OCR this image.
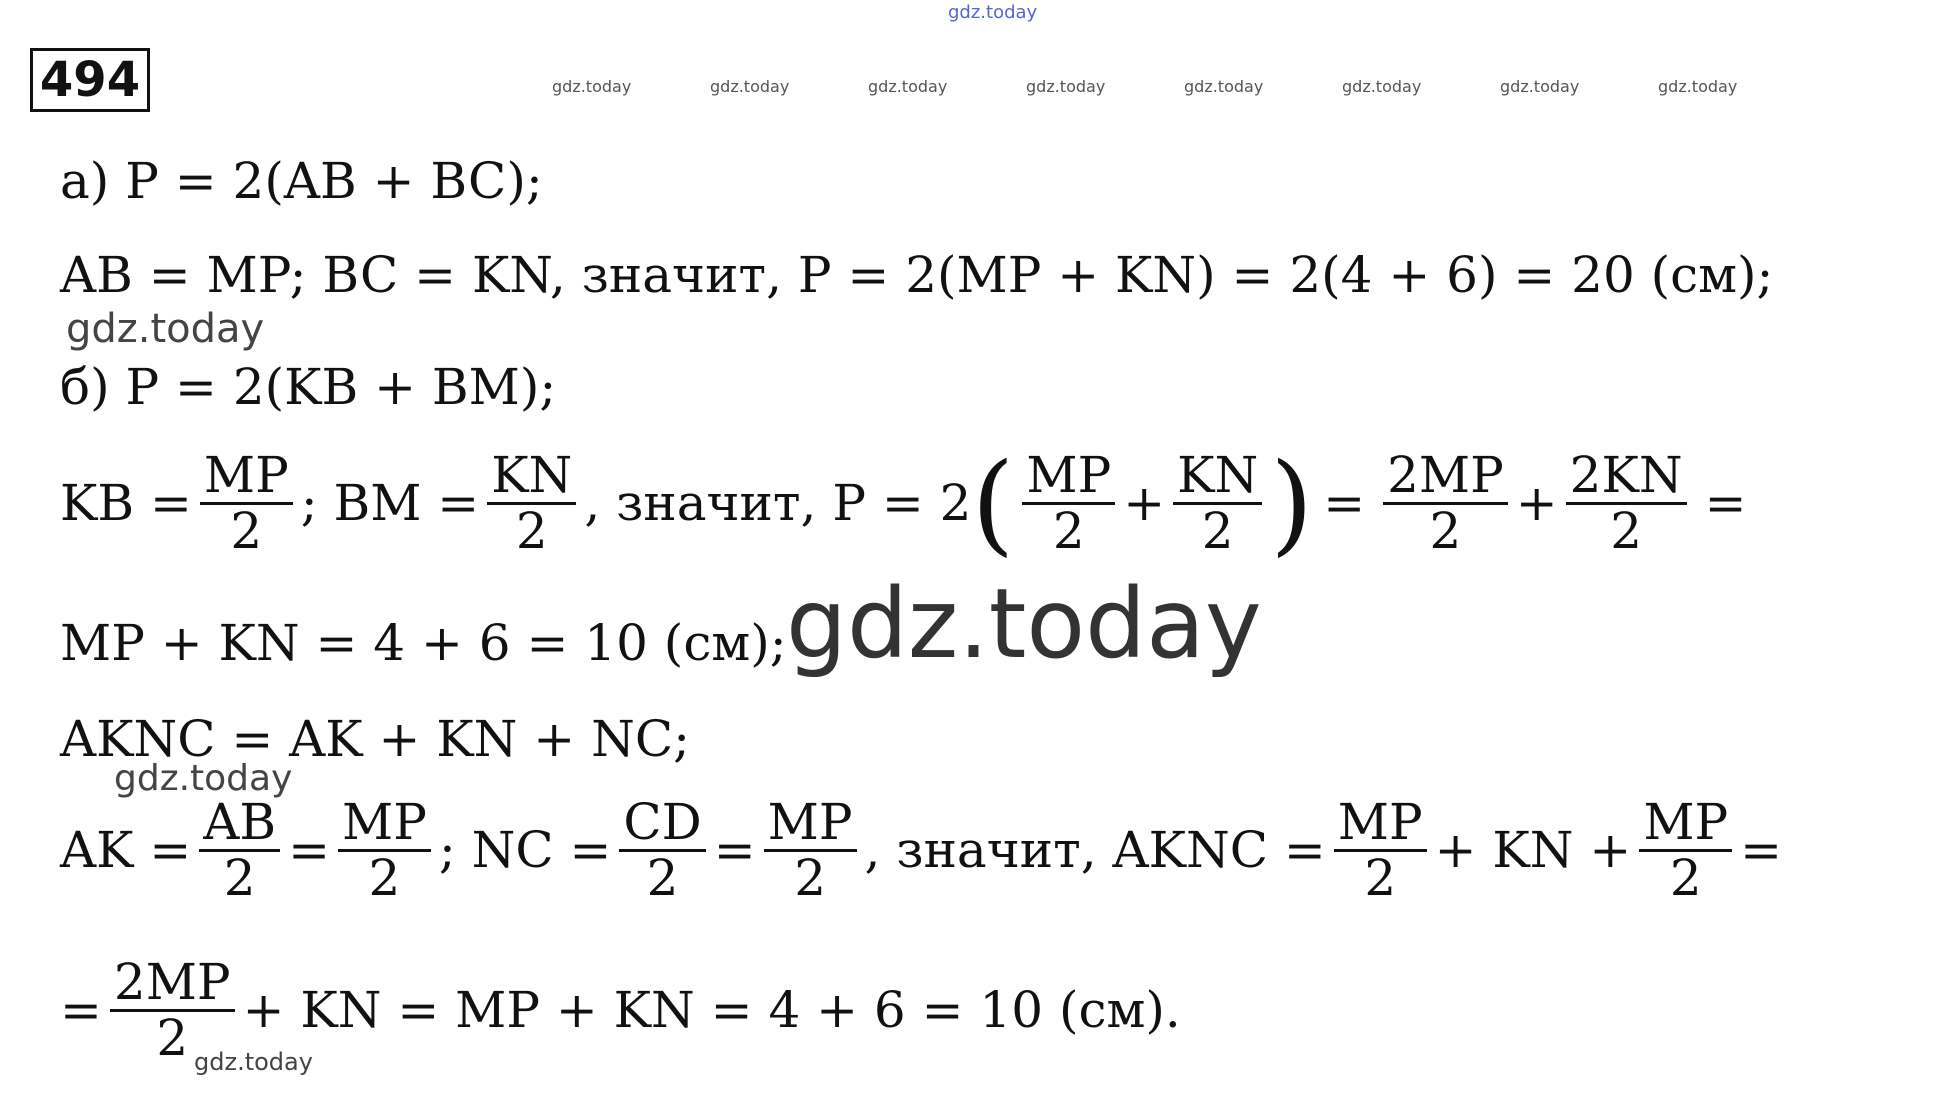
gdz.today
gdz.today	gdz.today	gdz.today	gdz.today	gdz.today	gdz.today	gdz.today	gdz.today
gdz.today
gdz.today
gdz.today
494
а) P = 2(AB + BC);
AB = MP; BC = KN, значит, P = 2(MP + KN) = 2(4 + 6) = 20 (см);
б) P = 2(KB + BM);
KB = $\frac{MP}{2}$ ; BM = $\frac{KN}{2}$ , значит, P = 2 ( $\frac{MP}{2} + \frac{KN}{2}$ ) = $\frac{2MP}{2} + \frac{2KN}{2}$ =
MP + KN = 4 + 6 = 10 (см); gdz.today
AKNC = AK + KN + NC;
AK = $\frac{AB}{2} = \frac{MP}{2}$ ; NC = $\frac{CD}{2} = \frac{MP}{2}$ , значит, AKNC = $\frac{MP}{2}$ + KN + $\frac{MP}{2}$ =
= $\frac{2MP}{2}$ + KN = MP + KN = 4 + 6 = 10 (см).
